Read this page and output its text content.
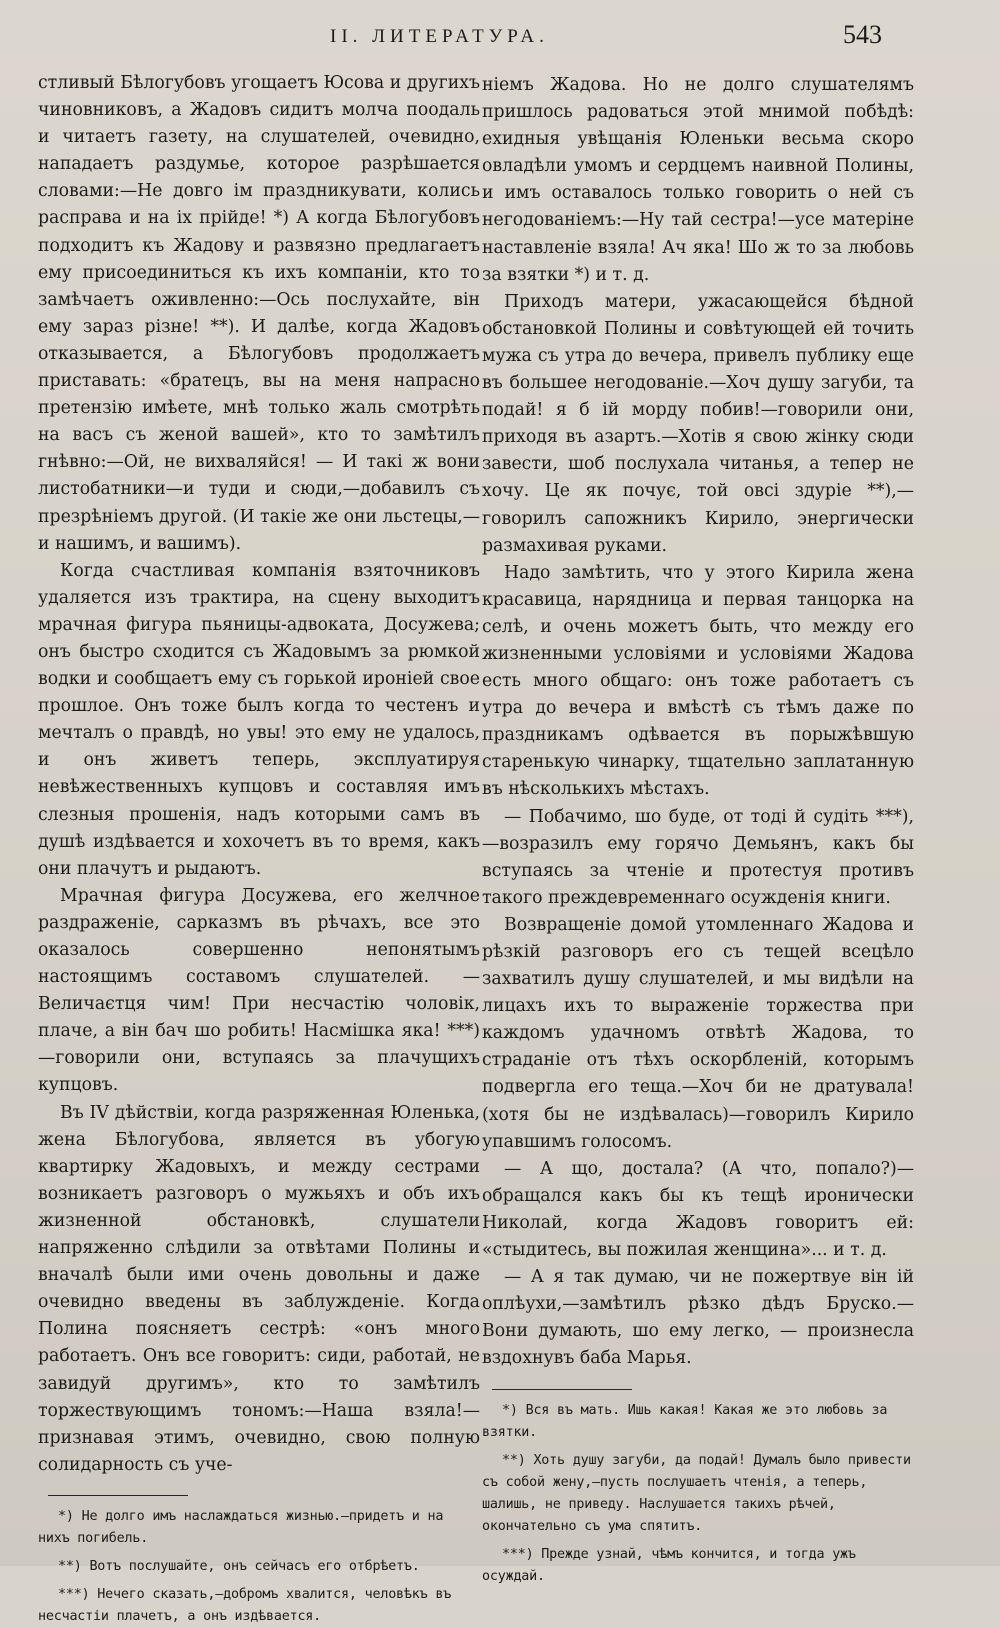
II. ЛИТЕРАТУРА.	543

стливый Бѣлогубовъ угощаетъ Юсова и другихъ чиновниковъ, а Жадовъ сидитъ молча поодаль и читаетъ газету, на слушателей, очевидно, нападаетъ раздумье, которое разрѣшается словами:—Не довго ім праздникувати, колись расправа и на іх прійде! *) А когда Бѣлогубовъ подходитъ къ Жадову и развязно предлагаетъ ему присоединиться къ ихъ компаніи, кто то замѣчаетъ оживленно:—Ось послухайте, він ему зараз різне! **). И далѣе, когда Жадовъ отказывается, а Бѣлогубовъ продолжаетъ приставать: «братецъ, вы на меня напрасно претензію имѣете, мнѣ только жаль смотрѣть на васъ съ женой вашей», кто то замѣтилъ гнѣвно:—Ой, не вихваляйся! — И такі ж вони листобатники—и туди и сюди,—добавилъ съ презрѣніемъ другой. (И такіе же они льстецы,—и нашимъ, и вашимъ).

Когда счастливая компанія взяточниковъ удаляется изъ трактира, на сцену выходитъ мрачная фигура пьяницы-адвоката, Досужева; онъ быстро сходится съ Жадовымъ за рюмкой водки и сообщаетъ ему съ горькой иронiей свое прошлое. Онъ тоже былъ когда то честенъ и мечталъ о правдѣ, но увы! это ему не удалось, и онъ живетъ теперь, эксплуатируя невѣжественныхъ купцовъ и составляя имъ слезныя прошенія, надъ которыми самъ въ душѣ издѣвается и хохочетъ въ то время, какъ они плачутъ и рыдаютъ.

Мрачная фигура Досужева, его желчное раздраженіе, сарказмъ въ рѣчахъ, все это оказалось совершенно непонятымъ настоящимъ составомъ слушателей. — Величаєтця чим! При несчастію чоловік, плаче, а він бач шо робить! Насмішка яка! ***)—говорили они, вступаясь за плачущихъ купцовъ.

Въ IV дѣйствіи, когда разряженная Юленька, жена Бѣлогубова, является въ убогую квартирку Жадовыхъ, и между сестрами возникаетъ разговоръ о мужьяхъ и объ ихъ жизненной обстановкѣ, слушатели напряженно слѣдили за отвѣтами Полины и вначалѣ были ими очень довольны и даже очевидно введены въ заблужденіе. Когда Полина поясняетъ сестрѣ: «онъ много работаетъ. Онъ все говоритъ: сиди, работай, не завидуй другимъ», кто то замѣтилъ торжествующимъ тономъ:—Наша взяла!—признавая этимъ, очевидно, свою полную солидарность съ уче-

*) Не долго имъ наслаждаться жизнью.—придетъ и на нихъ погибель.
**) Вотъ послушайте, онъ сейчасъ его отбрѣетъ.
***) Нечего сказать,—добромъ хвалится, человѣкъ въ несчастіи плачетъ, а онъ издѣвается.

ніемъ Жадова. Но не долго слушателямъ пришлось радоваться этой мнимой побѣдѣ: ехидныя увѣщанія Юленьки весьма скоро овладѣли умомъ и сердцемъ наивной Полины, и имъ оставалось только говорить о ней съ негодованіемъ:—Ну тай сестра!—усе матеріне наставленіе взяла! Ач яка! Шо ж то за любовь за взятки *) и т. д.

Приходъ матери, ужасающейся бѣдной обстановкой Полины и совѣтующей ей точить мужа съ утра до вечера, привелъ публику еще въ большее негодованіе.—Хоч душу загуби, та подай! я б ій морду побив!—говорили они, приходя въ азартъ.—Хотів я свою жінку сюди завести, шоб послухала читанья, а тепер не хочу. Це як почує, той овсі здуріе **),—говорилъ сапожникъ Кирило, энергически размахивая руками.

Надо замѣтить, что у этого Кирила жена красавица, нарядница и первая танцорка на селѣ, и очень можетъ быть, что между его жизненными условіями и условіями Жадова есть много общаго: онъ тоже работаетъ съ утра до вечера и вмѣстѣ съ тѣмъ даже по праздникамъ одѣвается въ порыжѣвшую старенькую чинарку, тщательно заплатанную въ нѣсколькихъ мѣстахъ.

— Побачимо, шо буде, от тоді й судіть ***), —возразилъ ему горячо Демьянъ, какъ бы вступаясь за чтеніе и протестуя противъ такого преждевременнаго осужденія книги.

Возвращеніе домой утомленнаго Жадова и рѣзкій разговоръ его съ тещей всецѣло захватилъ душу слушателей, и мы видѣли на лицахъ ихъ то выраженіе торжества при каждомъ удачномъ отвѣтѣ Жадова, то страданіе отъ тѣхъ оскорбленій, которымъ подвергла его теща.—Хоч би не дратувала! (хотя бы не издѣвалась)—говорилъ Кирило упавшимъ голосомъ.

— А що, достала? (А что, попало?)—обращался какъ бы къ тещѣ иронически Николай, когда Жадовъ говоритъ ей: «стыдитесь, вы пожилая женщина»... и т. д.

— А я так думаю, чи не пожертвуе він ій оплѣухи,—замѣтилъ рѣзко дѣдъ Бруско.— Вони думають, шо ему легко, — произнесла вздохнувъ баба Марья.

*) Вся въ мать. Ишь какая! Какая же это любовь за взятки.
**) Хоть душу загуби, да подай! Думалъ было привести съ собой жену,—пусть послушаетъ чтенія, а теперь, шалишь, не приведу. Наслушается такихъ рѣчей, окончательно съ ума спятитъ.
***) Прежде узнай, чѣмъ кончится, и тогда ужъ осуждай.
